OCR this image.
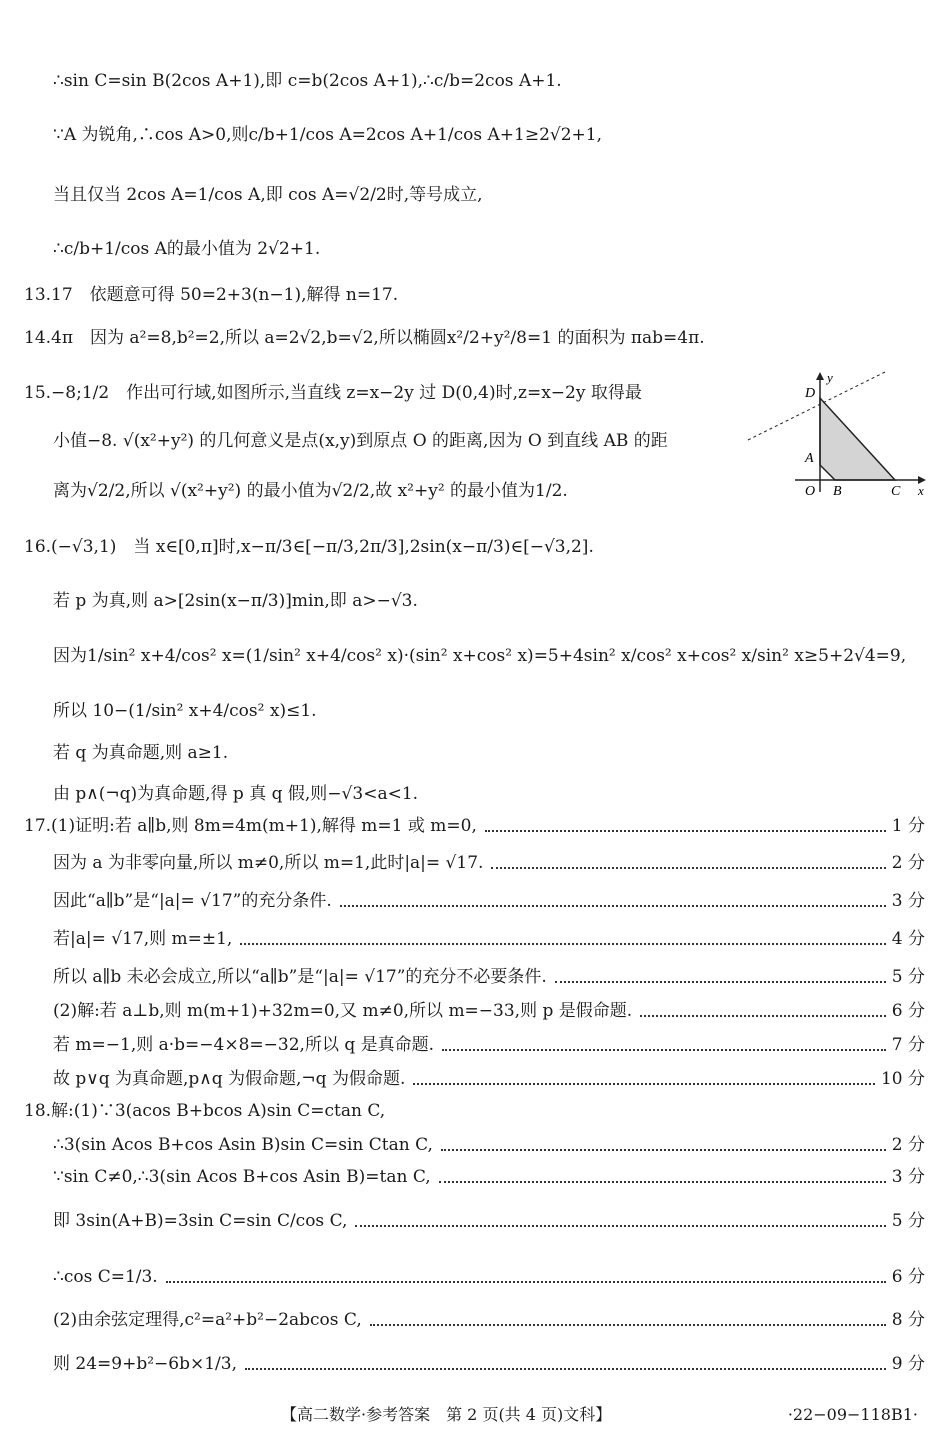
∴sin C=sin B(2cos A+1),即 c=b(2cos A+1),∴c/b=2cos A+1.
∵A 为锐角,∴cos A>0,则c/b+1/cos A=2cos A+1/cos A+1≥2√2+1,
当且仅当 2cos A=1/cos A,即 cos A=√2/2时,等号成立,
∴c/b+1/cos A的最小值为 2√2+1.
13.17　依题意可得 50=2+3(n−1),解得 n=17.
14.4π　因为 a²=8,b²=2,所以 a=2√2,b=√2,所以椭圆x²/2+y²/8=1 的面积为 πab=4π.
15.−8;1/2　作出可行域,如图所示,当直线 z=x−2y 过 D(0,4)时,z=x−2y 取得最
小值−8. √(x²+y²) 的几何意义是点(x,y)到原点 O 的距离,因为 O 到直线 AB 的距
离为√2/2,所以 √(x²+y²) 的最小值为√2/2,故 x²+y² 的最小值为1/2.
16.(−√3,1)　当 x∈[0,π]时,x−π/3∈[−π/3,2π/3],2sin(x−π/3)∈[−√3,2].
若 p 为真,则 a>[2sin(x−π/3)]min,即 a>−√3.
因为1/sin² x+4/cos² x=(1/sin² x+4/cos² x)·(sin² x+cos² x)=5+4sin² x/cos² x+cos² x/sin² x≥5+2√4=9,
所以 10−(1/sin² x+4/cos² x)≤1.
若 q 为真命题,则 a≥1.
由 p∧(¬q)为真命题,得 p 真 q 假,则−√3<a<1.
17.(1)证明:若 a∥b,则 8m=4m(m+1),解得 m=1 或 m=0,	1 分
因为 a 为非零向量,所以 m≠0,所以 m=1,此时|a|= √17.	2 分
因此“a∥b”是“|a|= √17”的充分条件.	3 分
若|a|= √17,则 m=±1,	4 分
所以 a∥b 未必会成立,所以“a∥b”是“|a|= √17”的充分不必要条件.	5 分
(2)解:若 a⊥b,则 m(m+1)+32m=0,又 m≠0,所以 m=−33,则 p 是假命题.	6 分
若 m=−1,则 a·b=−4×8=−32,所以 q 是真命题.	7 分
故 p∨q 为真命题,p∧q 为假命题,¬q 为假命题.	10 分
18.解:(1)∵3(acos B+bcos A)sin C=ctan C,
∴3(sin Acos B+cos Asin B)sin C=sin Ctan C,	2 分
∵sin C≠0,∴3(sin Acos B+cos Asin B)=tan C,	3 分
即 3sin(A+B)=3sin C=sin C/cos C,	5 分
∴cos C=1/3.	6 分
(2)由余弦定理得,c²=a²+b²−2abcos C,	8 分
则 24=9+b²−6b×1/3,	9 分
D
y
A
O B	C x
【高二数学·参考答案　第 2 页(共 4 页)文科】	·22−09−118B1·
